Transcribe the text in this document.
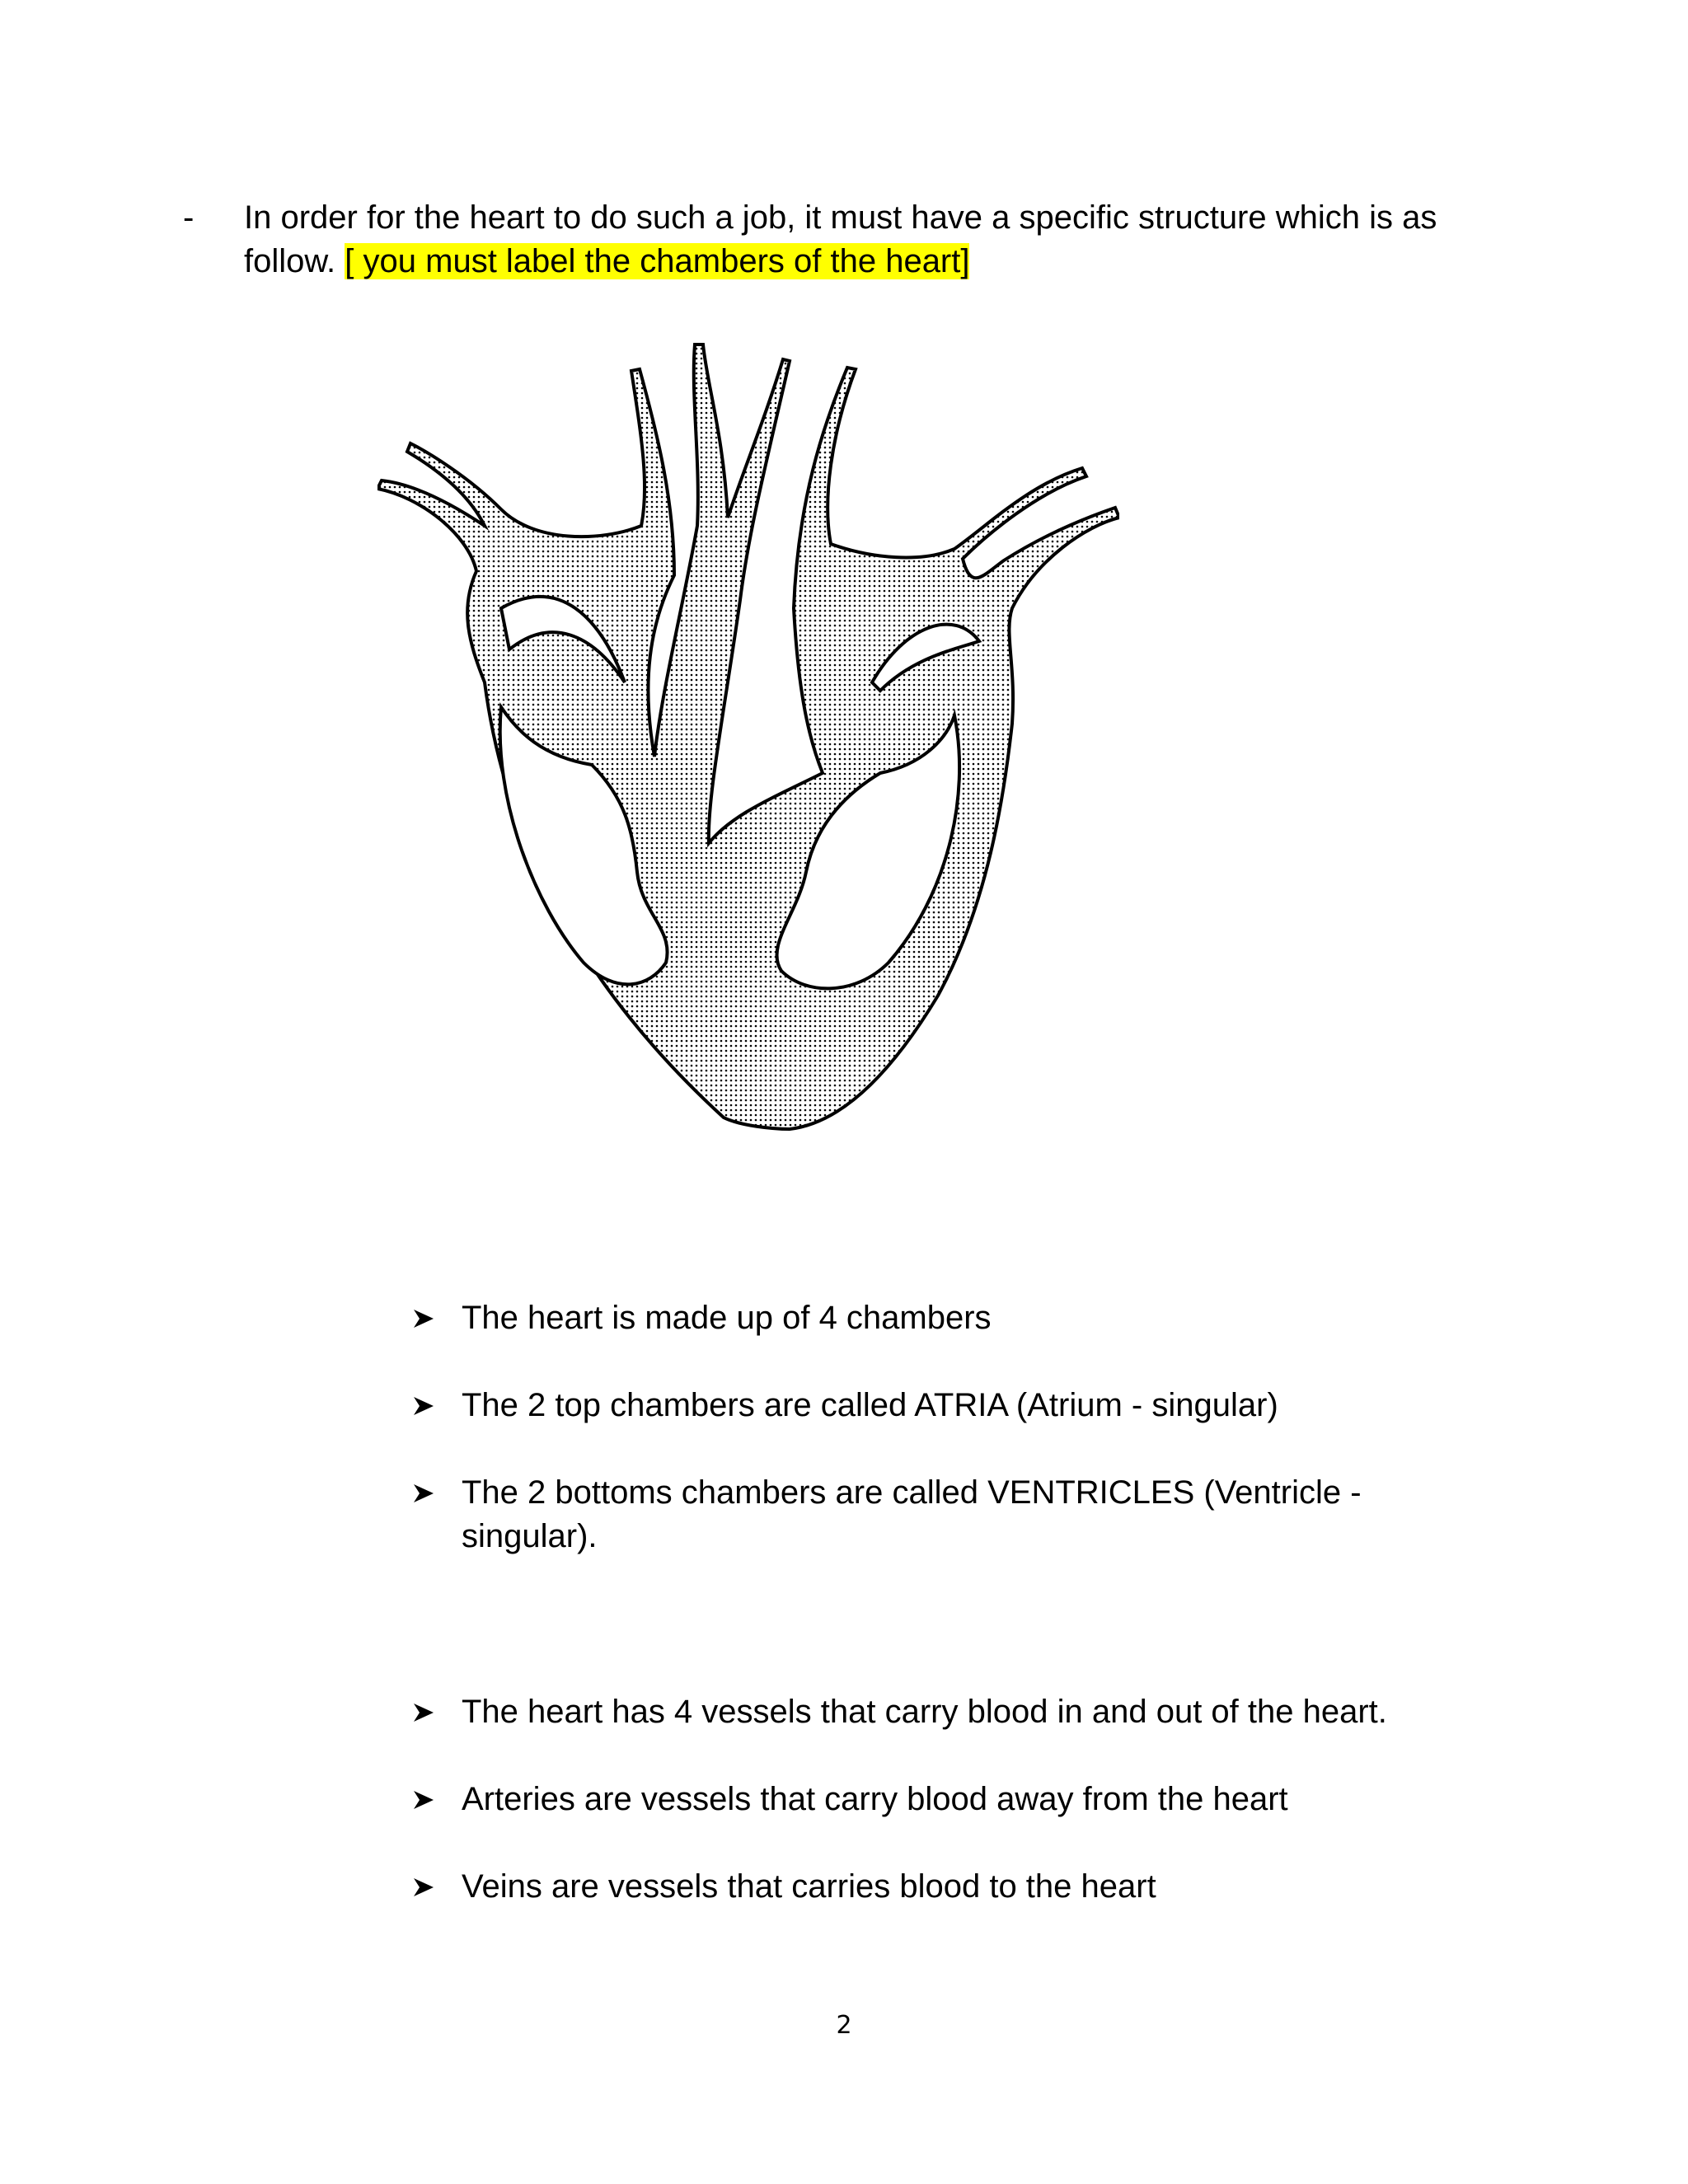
- In order for the heart to do such a job, it must have a specific structure which is as follow. [ you must label the chambers of the heart]
The heart is made up of 4 chambers
The 2 top chambers are called ATRIA (Atrium - singular)
The 2 bottoms chambers are called VENTRICLES (Ventricle - singular).
The heart has 4 vessels that carry blood in and out of the heart.
Arteries are vessels that carry blood away from the heart
Veins are vessels that carries blood to the heart
2
